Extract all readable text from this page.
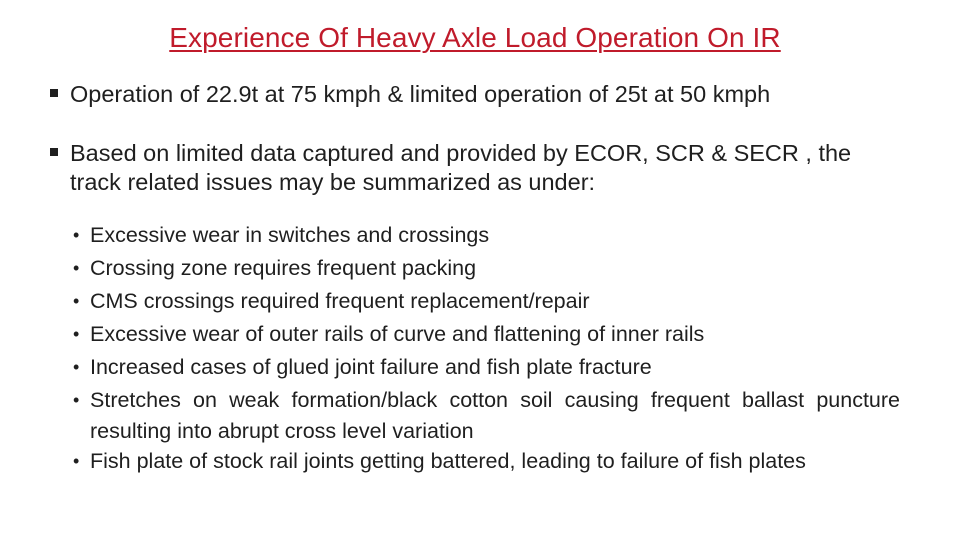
Experience Of Heavy Axle Load Operation On IR
Operation of 22.9t at 75 kmph & limited operation of 25t at 50 kmph
Based on limited data captured and provided by ECOR, SCR & SECR , the track related issues may be summarized as under:
• Excessive wear in switches and crossings
• Crossing zone requires frequent packing
• CMS crossings required frequent replacement/repair
• Excessive wear of outer rails of curve and flattening of inner rails
• Increased cases of glued joint failure and fish plate fracture
• Stretches on weak formation/black cotton soil causing frequent ballast puncture resulting into abrupt cross level variation
• Fish plate of stock rail joints getting battered, leading to failure of fish plates
